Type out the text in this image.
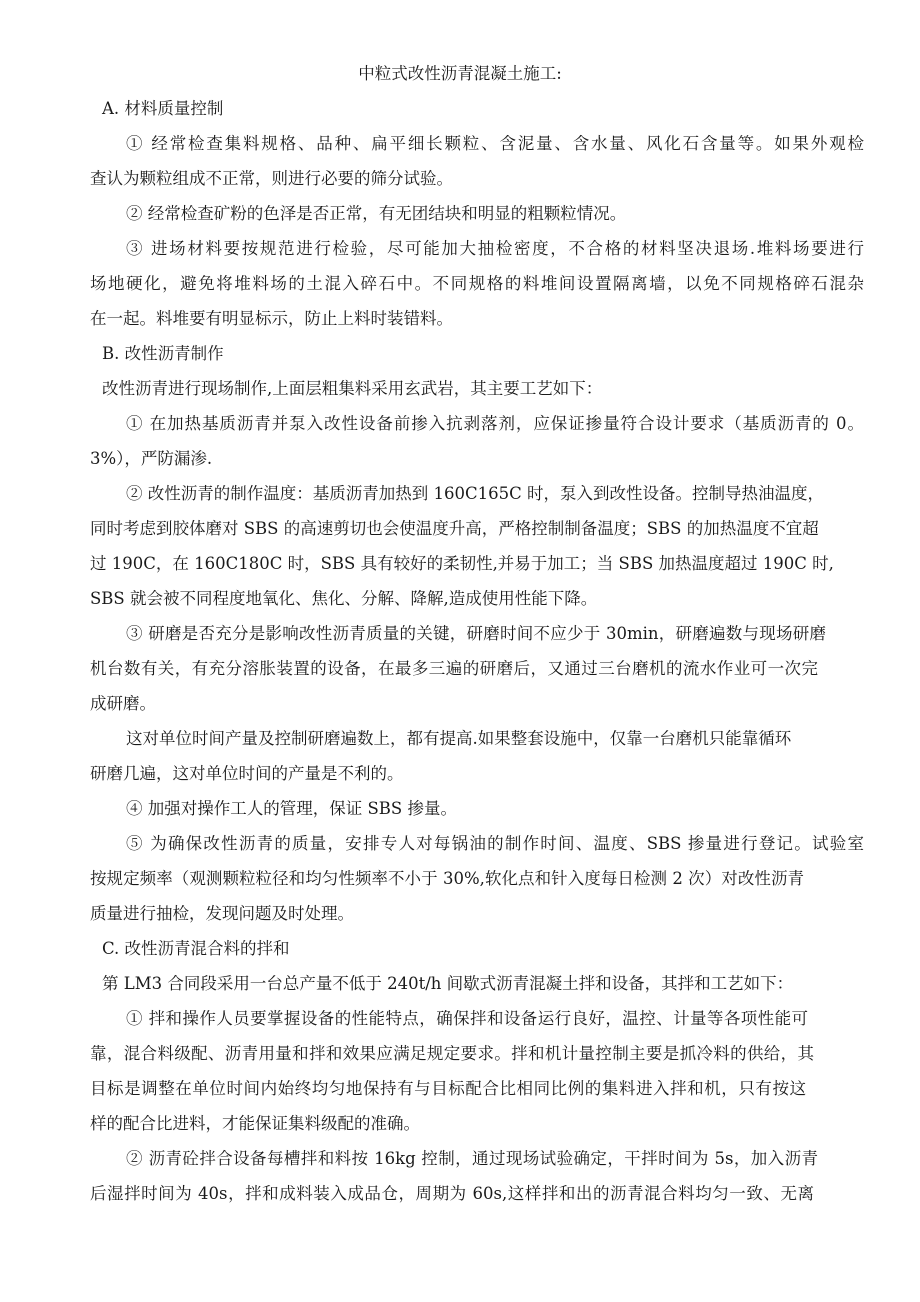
中粒式改性沥青混凝土施工:
A. 材料质量控制
① 经常检查集料规格、品种、扁平细长颗粒、含泥量、含水量、风化石含量等。如果外观检
查认为颗粒组成不正常，则进行必要的筛分试验。
② 经常检查矿粉的色泽是否正常，有无团结块和明显的粗颗粒情况。
③ 进场材料要按规范进行检验，尽可能加大抽检密度，不合格的材料坚决退场.堆料场要进行
场地硬化，避免将堆料场的土混入碎石中。不同规格的料堆间设置隔离墙，以免不同规格碎石混杂
在一起。料堆要有明显标示，防止上料时装错料。
B. 改性沥青制作
改性沥青进行现场制作,上面层粗集料采用玄武岩，其主要工艺如下：
① 在加热基质沥青并泵入改性设备前掺入抗剥落剂，应保证掺量符合设计要求（基质沥青的 0。
3%），严防漏渗.
② 改性沥青的制作温度：基质沥青加热到 160C165C 时，泵入到改性设备。控制导热油温度，
同时考虑到胶体磨对 SBS 的高速剪切也会使温度升高，严格控制制备温度；SBS 的加热温度不宜超
过 190C，在 160C180C 时，SBS 具有较好的柔韧性,并易于加工；当 SBS 加热温度超过 190C 时,
SBS 就会被不同程度地氧化、焦化、分解、降解,造成使用性能下降。
③ 研磨是否充分是影响改性沥青质量的关键，研磨时间不应少于 30min，研磨遍数与现场研磨
机台数有关，有充分溶胀装置的设备，在最多三遍的研磨后，又通过三台磨机的流水作业可一次完
成研磨。
这对单位时间产量及控制研磨遍数上，都有提高.如果整套设施中，仅靠一台磨机只能靠循环
研磨几遍，这对单位时间的产量是不利的。
④ 加强对操作工人的管理，保证 SBS 掺量。
⑤ 为确保改性沥青的质量，安排专人对每锅油的制作时间、温度、SBS 掺量进行登记。试验室
按规定频率（观测颗粒粒径和均匀性频率不小于 30%,软化点和针入度每日检测 2 次）对改性沥青
质量进行抽检，发现问题及时处理。
C. 改性沥青混合料的拌和
第 LM3 合同段采用一台总产量不低于 240t/h 间歇式沥青混凝土拌和设备，其拌和工艺如下：
① 拌和操作人员要掌握设备的性能特点，确保拌和设备运行良好，温控、计量等各项性能可
靠，混合料级配、沥青用量和拌和效果应满足规定要求。拌和机计量控制主要是抓冷料的供给，其
目标是调整在单位时间内始终均匀地保持有与目标配合比相同比例的集料进入拌和机，只有按这
样的配合比进料，才能保证集料级配的准确。
② 沥青砼拌合设备每槽拌和料按 16kg 控制，通过现场试验确定，干拌时间为 5s，加入沥青
后湿拌时间为 40s，拌和成料装入成品仓，周期为 60s,这样拌和出的沥青混合料均匀一致、无离
